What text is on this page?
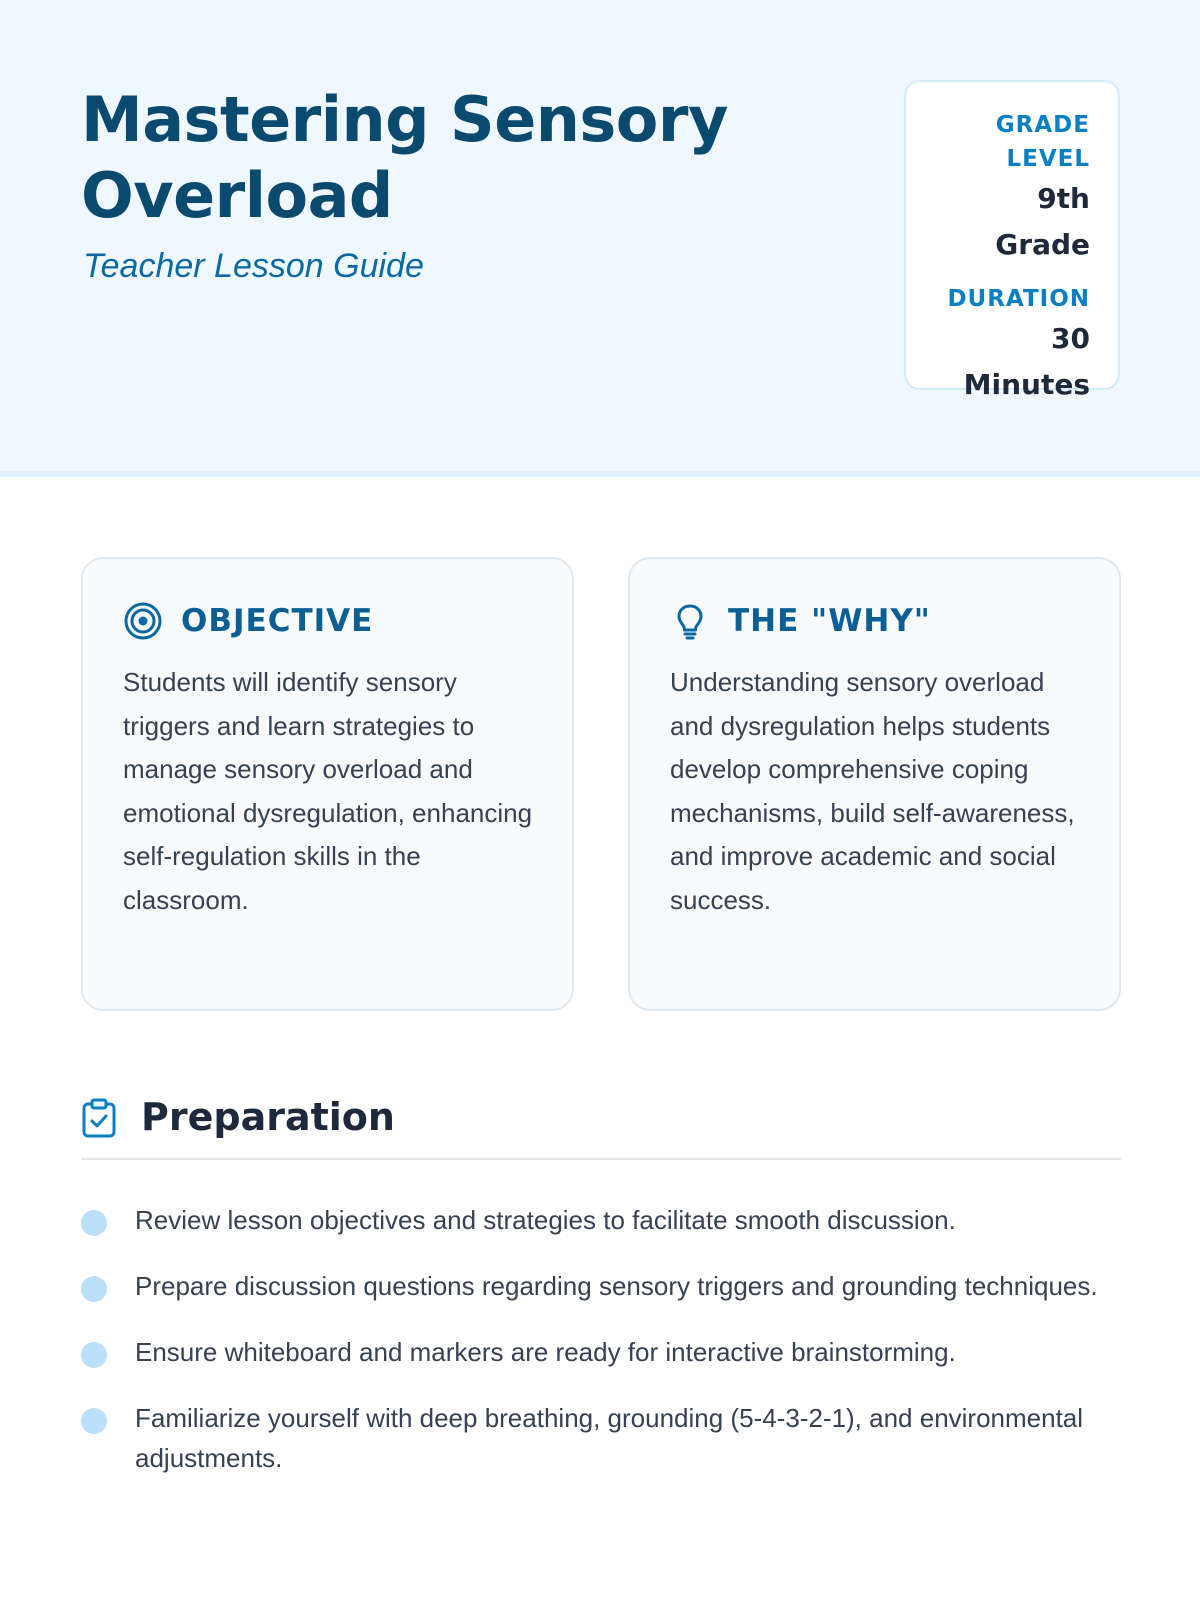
Mastering Sensory Overload
Teacher Lesson Guide
GRADE LEVEL
9th Grade
DURATION
30 Minutes
OBJECTIVE

Students will identify sensory triggers and learn strategies to manage sensory overload and emotional dysregulation, enhancing self-regulation skills in the classroom.

THE "WHY"

Understanding sensory overload and dysregulation helps students develop comprehensive coping mechanisms, build self-awareness, and improve academic and social success.

Preparation
Review lesson objectives and strategies to facilitate smooth discussion.
Prepare discussion questions regarding sensory triggers and grounding techniques.
Ensure whiteboard and markers are ready for interactive brainstorming.
Familiarize yourself with deep breathing, grounding (5-4-3-2-1), and environmental adjustments.
